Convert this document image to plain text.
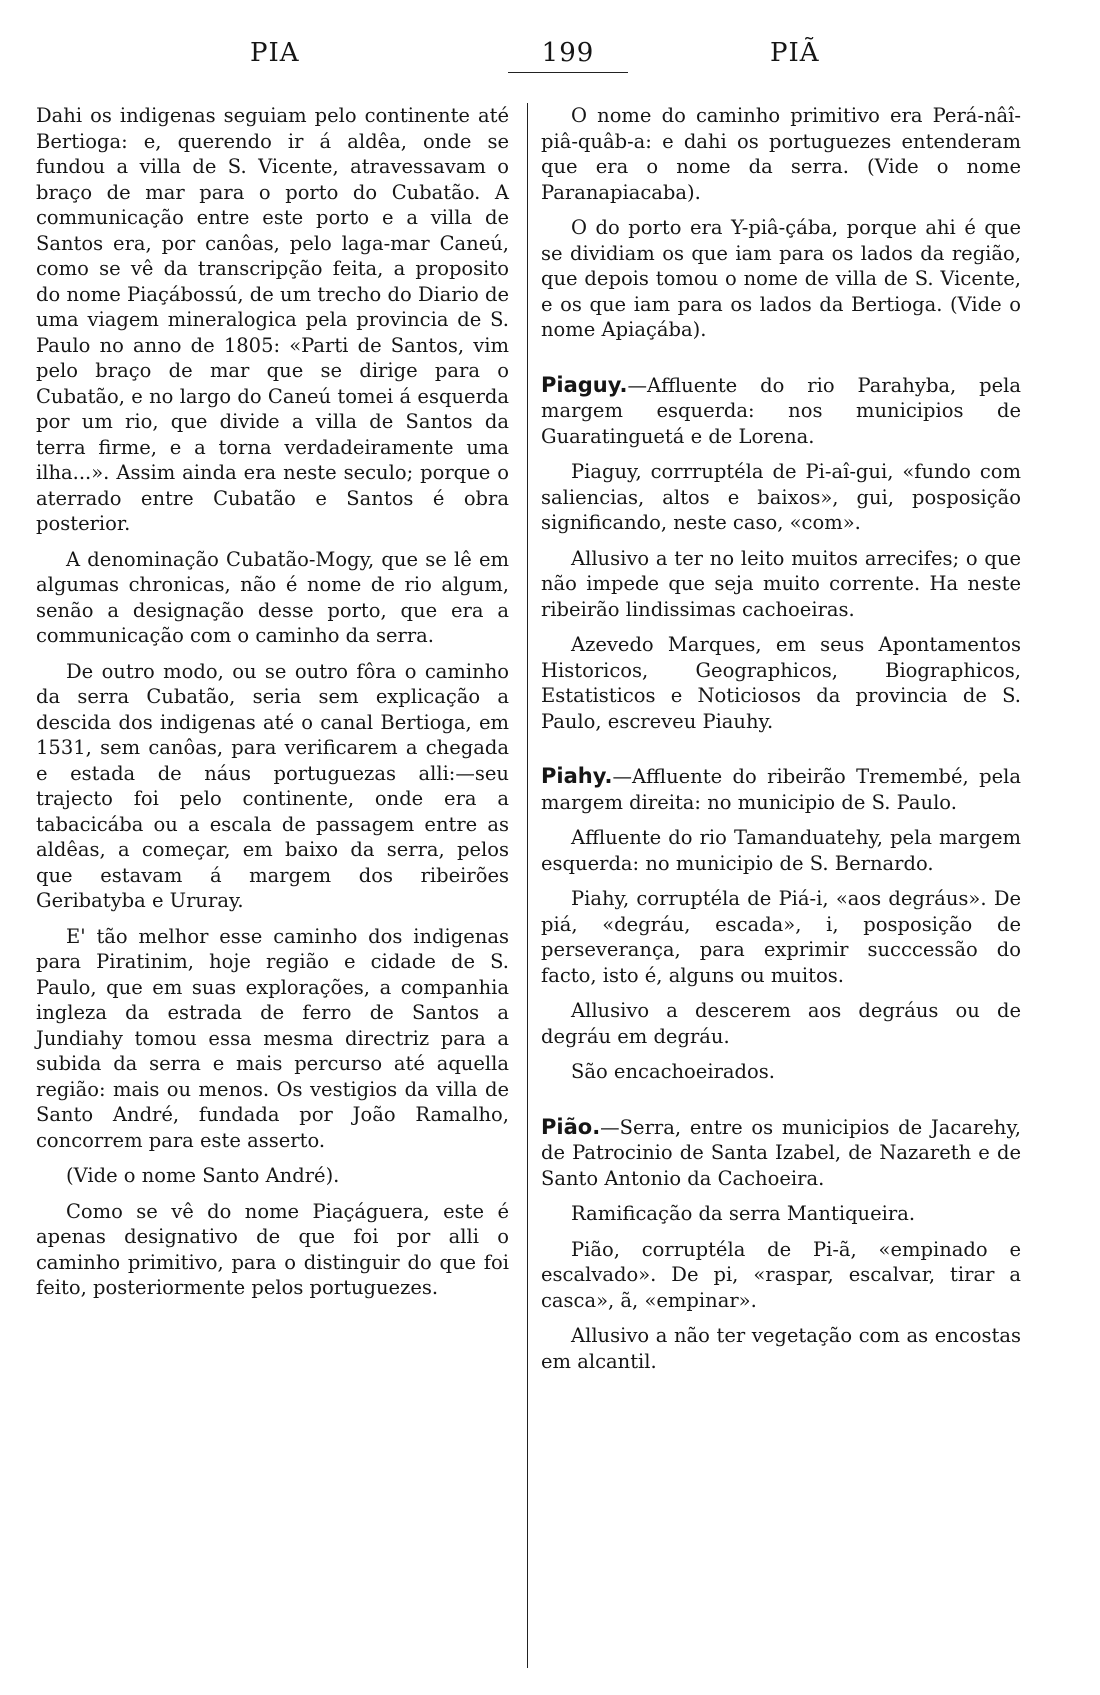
PIA	199	PIÃ

Dahi os indigenas seguiam pelo continente até Bertioga: e, querendo ir á aldêa, onde se fundou a villa de S. Vicente, atravessavam o braço de mar para o porto do Cubatão. A communicação entre este porto e a villa de Santos era, por canôas, pelo laga-mar Caneú, como se vê da transcripção feita, a proposito do nome Piaçábossú, de um trecho do Diario de uma viagem mineralogica pela provincia de S. Paulo no anno de 1805: «Parti de Santos, vim pelo braço de mar que se dirige para o Cubatão, e no largo do Caneú tomei á esquerda por um rio, que divide a villa de Santos da terra firme, e a torna verdadeiramente uma ilha...». Assim ainda era neste seculo; porque o aterrado entre Cubatão e Santos é obra posterior.

A denominação Cubatão-Mogy, que se lê em algumas chronicas, não é nome de rio algum, senão a designação desse porto, que era a communicação com o caminho da serra.

De outro modo, ou se outro fôra o caminho da serra Cubatão, seria sem explicação a descida dos indigenas até o canal Bertioga, em 1531, sem canôas, para verificarem a chegada e estada de náus portuguezas alli:—seu trajecto foi pelo continente, onde era a tabacicába ou a escala de passagem entre as aldêas, a começar, em baixo da serra, pelos que estavam á margem dos ribeirões Geribatyba e Ururay.

E' tão melhor esse caminho dos indigenas para Piratinim, hoje região e cidade de S. Paulo, que em suas explorações, a companhia ingleza da estrada de ferro de Santos a Jundiahy tomou essa mesma directriz para a subida da serra e mais percurso até aquella região: mais ou menos. Os vestigios da villa de Santo André, fundada por João Ramalho, concorrem para este asserto.

(Vide o nome Santo André).

Como se vê do nome Piaçáguera, este é apenas designativo de que foi por alli o caminho primitivo, para o distinguir do que foi feito, posteriormente pelos portuguezes.

O nome do caminho primitivo era Perá-nâî-piâ-quâb-a: e dahi os portuguezes entenderam que era o nome da serra. (Vide o nome Paranapiacaba).

O do porto era Y-piâ-çába, porque ahi é que se dividiam os que iam para os lados da região, que depois tomou o nome de villa de S. Vicente, e os que iam para os lados da Bertioga. (Vide o nome Apiaçába).

Piaguy.—Affluente do rio Parahyba, pela margem esquerda: nos municipios de Guaratinguetá e de Lorena.

Piaguy, corrruptéla de Pi-aî-gui, «fundo com saliencias, altos e baixos», gui, posposição significando, neste caso, «com».

Allusivo a ter no leito muitos arrecifes; o que não impede que seja muito corrente. Ha neste ribeirão lindissimas cachoeiras.

Azevedo Marques, em seus Apontamentos Historicos, Geographicos, Biographicos, Estatisticos e Noticiosos da provincia de S. Paulo, escreveu Piauhy.

Piahy.—Affluente do ribeirão Tremembé, pela margem direita: no municipio de S. Paulo.

Affluente do rio Tamanduatehy, pela margem esquerda: no municipio de S. Bernardo.

Piahy, corruptéla de Piá-i, «aos degráus». De piá, «degráu, escada», i, posposição de perseverança, para exprimir succcessão do facto, isto é, alguns ou muitos.

Allusivo a descerem aos degráus ou de degráu em degráu.

São encachoeirados.

Pião.—Serra, entre os municipios de Jacarehy, de Patrocinio de Santa Izabel, de Nazareth e de Santo Antonio da Cachoeira.

Ramificação da serra Mantiqueira.

Pião, corruptéla de Pi-ã, «empinado e escalvado». De pi, «raspar, escalvar, tirar a casca», ã, «empinar».

Allusivo a não ter vegetação com as encostas em alcantil.
